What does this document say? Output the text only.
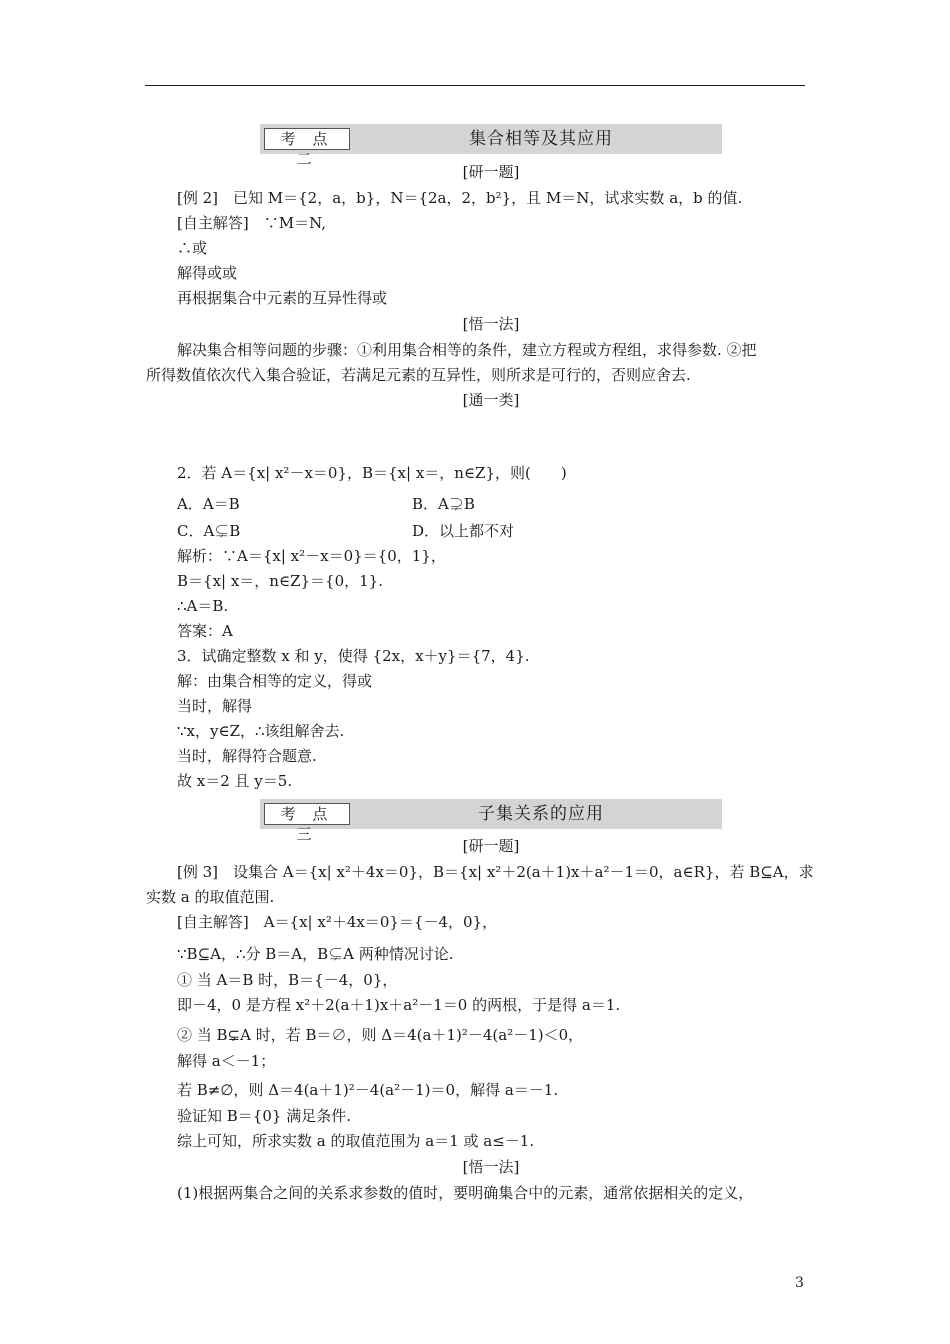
考 点 二
集合相等及其应用
[研一题]
[例 2]　已知 M＝{2，a，b}，N＝{2a，2，b²}，且 M＝N，试求实数 a，b 的值.
[自主解答]　∵M＝N,
∴或
解得或或
再根据集合中元素的互异性得或
[悟一法]
解决集合相等问题的步骤：①利用集合相等的条件，建立方程或方程组，求得参数. ②把
所得数值依次代入集合验证，若满足元素的互异性，则所求是可行的，否则应舍去.
[通一类]
2．若 A＝{x| x²－x＝0}，B＝{x| x＝，n∈Z}，则(　　)
A．A＝B	B．A⊋B
C．A⊊B	D．以上都不对
解析：∵A＝{x| x²－x＝0}＝{0，1}，
B＝{x| x＝，n∈Z}＝{0，1}.
∴A＝B.
答案：A
3．试确定整数 x 和 y，使得 {2x，x＋y}＝{7，4}.
解：由集合相等的定义，得或
当时，解得
∵x，y∈Z，∴该组解舍去.
当时，解得符合题意.
故 x＝2 且 y＝5.
考 点 三
子集关系的应用
[研一题]
[例 3]　设集合 A＝{x| x²＋4x＝0}，B＝{x| x²＋2(a＋1)x＋a²－1＝0，a∈R}，若 B⊆A，求
实数 a 的取值范围.
[自主解答]　A＝{x| x²＋4x＝0}＝{－4，0}，
∵B⊆A，∴分 B＝A，B⊊A 两种情况讨论.
① 当 A＝B 时，B＝{－4，0}，
即－4，0 是方程 x²＋2(a＋1)x＋a²－1＝0 的两根，于是得 a＝1.
② 当 B⊊A 时，若 B＝∅，则 Δ＝4(a＋1)²－4(a²－1)＜0，
解得 a＜－1；
若 B≠∅，则 Δ＝4(a＋1)²－4(a²－1)＝0，解得 a＝－1.
验证知 B＝{0} 满足条件.
综上可知，所求实数 a 的取值范围为 a＝1 或 a≤－1.
[悟一法]
(1)根据两集合之间的关系求参数的值时，要明确集合中的元素，通常依据相关的定义，
3
